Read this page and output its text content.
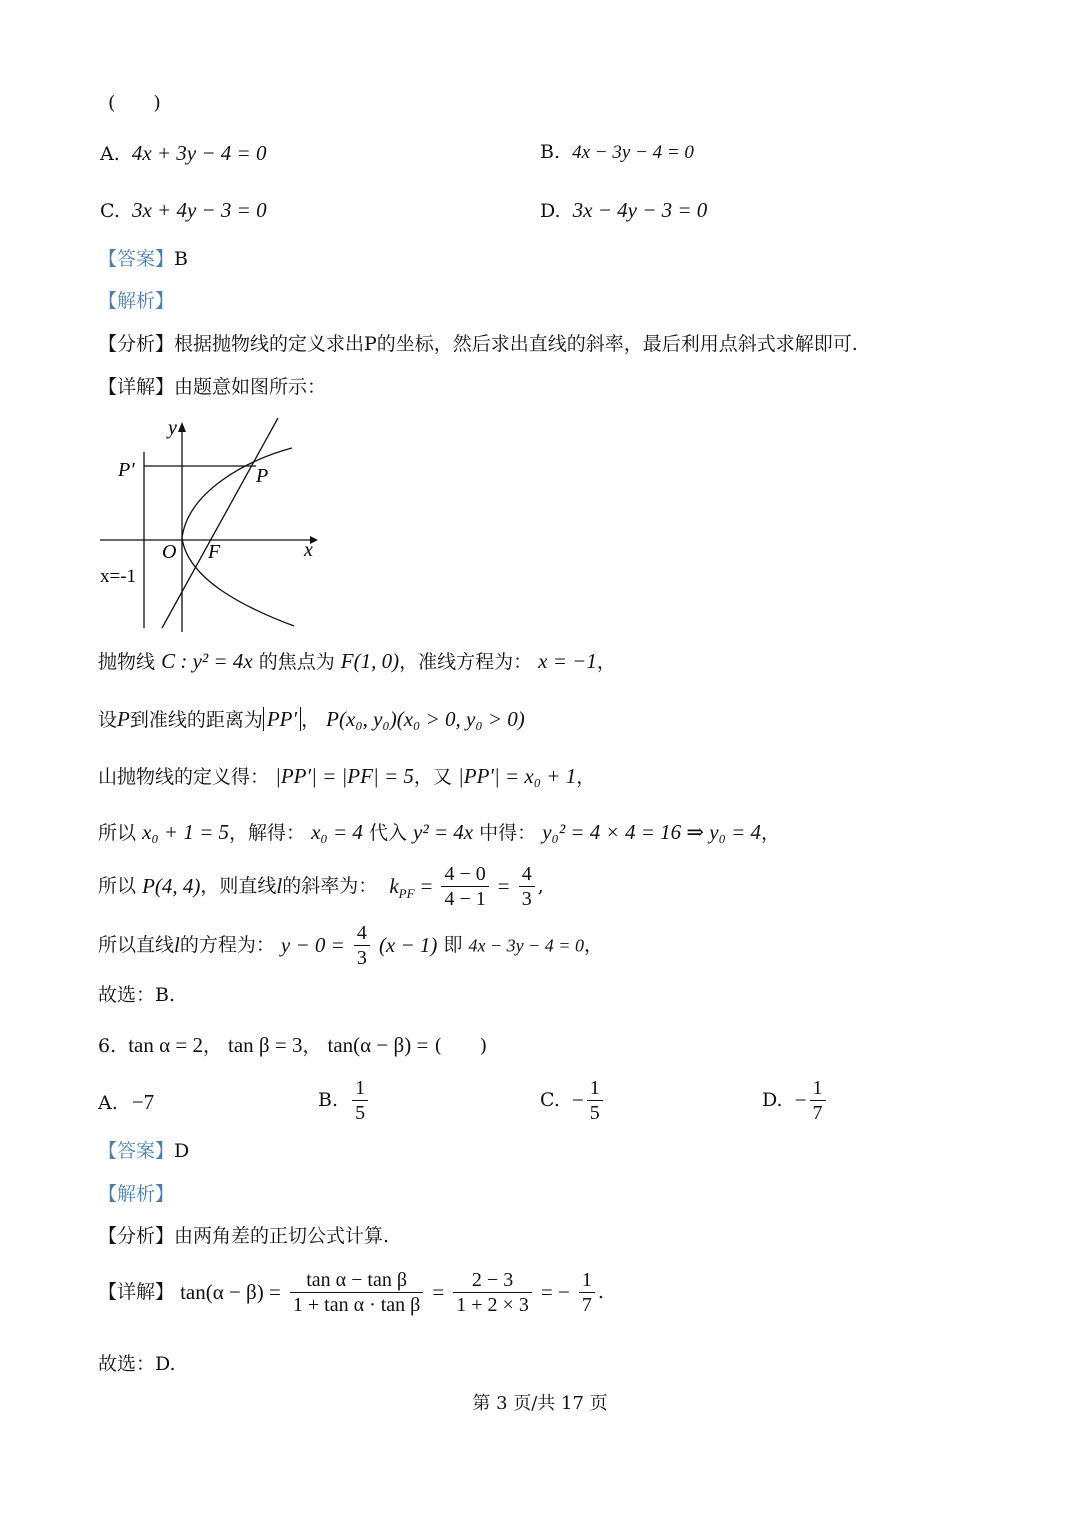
(　　)
A. 4x + 3y − 4 = 0	B. 4x − 3y − 4 = 0
C. 3x + 4y − 3 = 0	D. 3x − 4y − 3 = 0
【答案】B
【解析】
【分析】根据抛物线的定义求出P的坐标，然后求出直线的斜率，最后利用点斜式求解即可.
【详解】由题意如图所示：
y
x
O F
P
P′
x=-1
抛物线 C : y² = 4x 的焦点为 F(1, 0)，准线方程为： x = −1，
设P到准线的距离为 PP′ ， P(x₀, y₀)(x₀ > 0, y₀ > 0)
山抛物线的定义得： |PP′| = |PF| = 5，又 |PP′| = x₀ + 1，
所以 x₀ + 1 = 5，解得： x₀ = 4 代入 y² = 4x 中得： y₀² = 4 × 4 = 16 ⇒ y₀ = 4，
所以 P(4, 4)，则直线l的斜率为： $k_{PF} = \frac{4 - 0}{4 - 1} = \frac{4}{3}$ ,
所以直线l的方程为： $y - 0 = \frac{4}{3} (x - 1)$ 即 4x − 3y − 4 = 0，
故选：B.
6. tan α = 2， tan β = 3， tan(α − β) = (　　)
A. −7	B. $\frac{1}{5}$	C. − $\frac{1}{5}$	D. − $\frac{1}{7}$
【答案】D
【解析】
【分析】由两角差的正切公式计算.
【详解】 $\tan(\alpha - \beta) = \frac{\text{tan α − tan β}}{\text{1 + tan α · tan β}} = \frac{2 - 3}{1 + 2 \times 3}$ = − $\frac{1}{7}$ .
故选：D.
第 3 页/共 17 页
